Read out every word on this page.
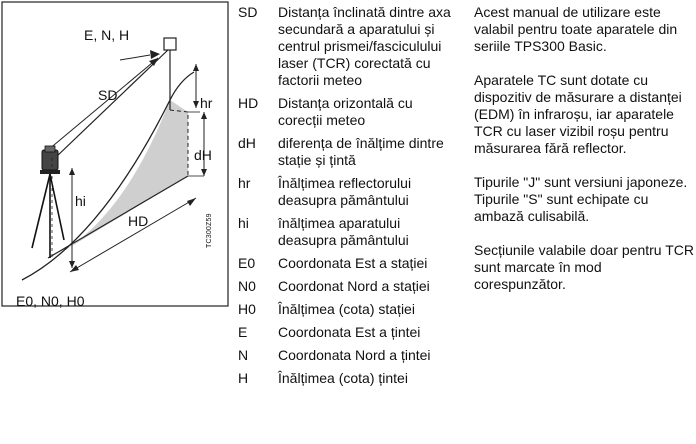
E, N, H
SD	hr
dH
hi
HD
E0, N0, H0
TC300Z59
SD	Distanța înclinată dintre axa secundară a aparatului și centrul prismei/fasciculului laser (TCR) corectată cu factorii meteo
HD	Distanța orizontală cu corecții meteo
dH	diferența de înălțime dintre stație și țintă
hr	Înălțimea reflectorului deasupra pământului
hi	înălțimea aparatului deasupra pământului
E0	Coordonata Est a stației
N0	Coordonat Nord a stației
H0	Înălțimea (cota) stației
E	Coordonata Est a țintei
N	Coordonata Nord a țintei
H	Înălțimea (cota) țintei

Acest manual de utilizare este valabil pentru toate aparatele din seriile TPS300 Basic.

Aparatele TC sunt dotate cu dispozitiv de măsurare a distanței (EDM) în infraroșu, iar aparatele TCR cu laser vizibil roșu pentru măsurarea fără reflector.

Tipurile "J" sunt versiuni japoneze. Tipurile "S" sunt echipate cu ambază culisabilă.

Secțiunile valabile doar pentru TCR sunt marcate în mod corespunzător.
